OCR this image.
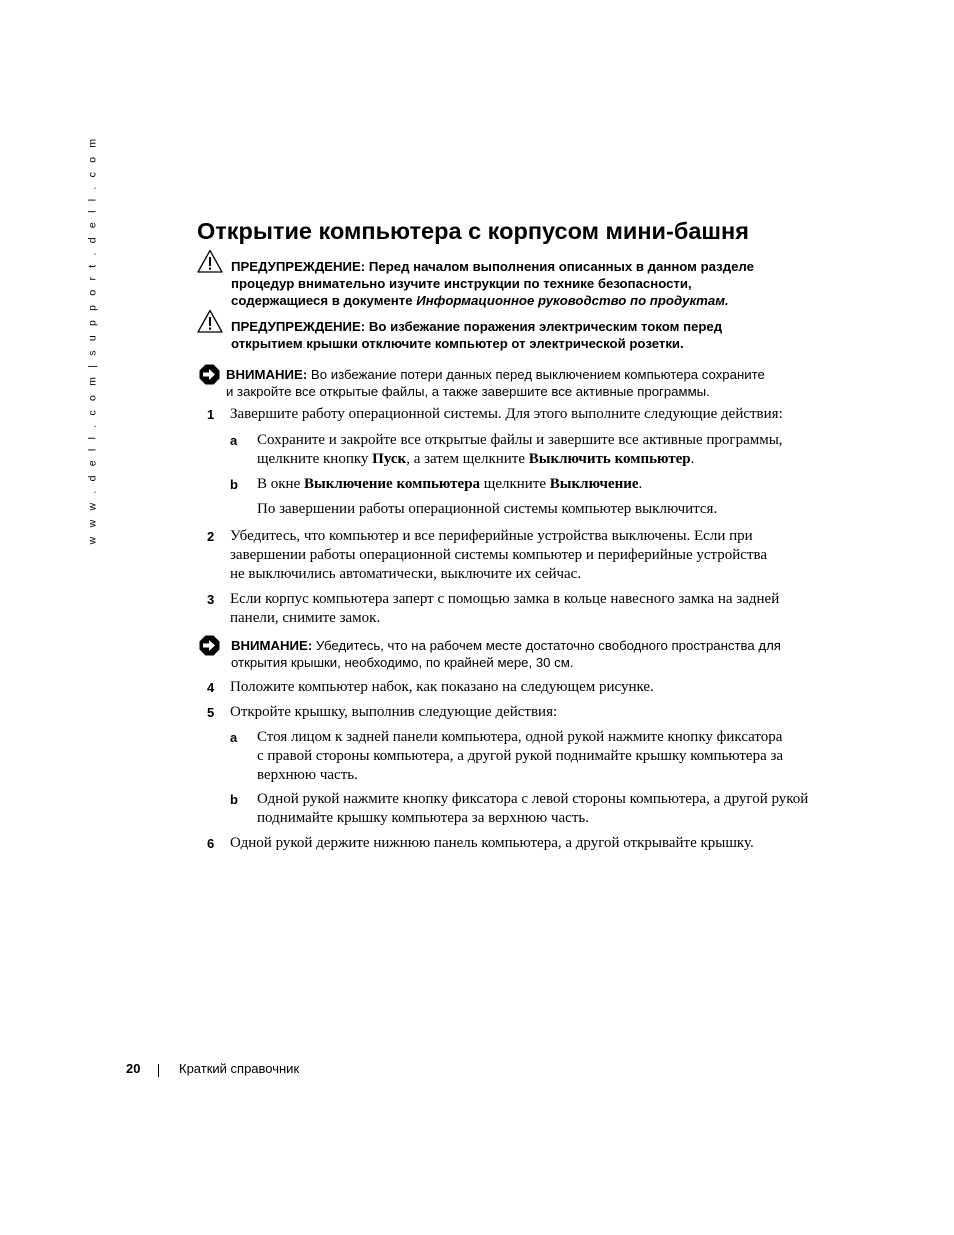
w w w . d e l l . c o m | s u p p o r t . d e l l . c o m	Открытие компьютера с корпусом мини-башня
ПРЕДУПРЕЖДЕНИЕ: Перед началом выполнения описанных в данном разделе
процедур внимательно изучите инструкции по технике безопасности,
содержащиеся в документе Информационное руководство по продуктам.
ПРЕДУПРЕЖДЕНИЕ: Во избежание поражения электрическим током перед
открытием крышки отключите компьютер от электрической розетки.
ВНИМАНИЕ: Во избежание потери данных перед выключением компьютера сохраните
и закройте все открытые файлы, а также завершите все активные программы.
1 Завершите работу операционной системы. Для этого выполните следующие действия:

a Сохраните и закройте все открытые файлы и завершите все активные программы,
щелкните кнопку Пуск, а затем щелкните Выключить компьютер.
b В окне Выключение компьютера щелкните Выключение.

По завершении работы операционной системы компьютер выключится.

2 Убедитесь, что компьютер и все периферийные устройства выключены. Если при
завершении работы операционной системы компьютер и периферийные устройства
не выключились автоматически, выключите их сейчас.
3 Если корпус компьютера заперт с помощью замка в кольце навесного замка на задней
панели, снимите замок.
ВНИМАНИЕ: Убедитесь, что на рабочем месте достаточно свободного пространства для
открытия крышки, необходимо, по крайней мере, 30 см.
4 Положите компьютер набок, как показано на следующем рисунке.

5 Откройте крышку, выполнив следующие действия:

a Стоя лицом к задней панели компьютера, одной рукой нажмите кнопку фиксатора
с правой стороны компьютера, а другой рукой поднимайте крышку компьютера за
верхнюю часть.
b Одной рукой нажмите кнопку фиксатора с левой стороны компьютера, а другой рукой
поднимайте крышку компьютера за верхнюю часть.
6 Одной рукой держите нижнюю панель компьютера, а другой открывайте крышку.

20	Краткий справочник
